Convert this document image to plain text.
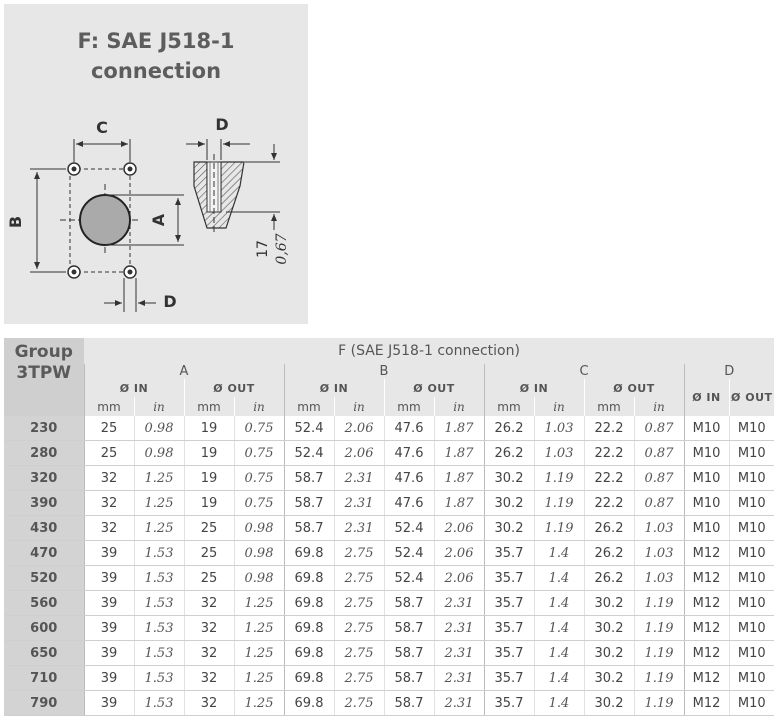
F: SAE J518-1
connection
C
B	A
D
D
17 0,67
Group
3TPW	F (SAE J518-1 connection)													
	A				B				C				D	
	Ø IN		Ø OUT		Ø IN		Ø OUT		Ø IN		Ø OUT		Ø IN	Ø OUT
	mm	in	mm	in	mm	in	mm	in	mm	in	mm	in		
230	25	0.98	19	0.75	52.4	2.06	47.6	1.87	26.2	1.03	22.2	0.87	M10	M10
280	25	0.98	19	0.75	52.4	2.06	47.6	1.87	26.2	1.03	22.2	0.87	M10	M10
320	32	1.25	19	0.75	58.7	2.31	47.6	1.87	30.2	1.19	22.2	0.87	M10	M10
390	32	1.25	19	0.75	58.7	2.31	47.6	1.87	30.2	1.19	22.2	0.87	M10	M10
430	32	1.25	25	0.98	58.7	2.31	52.4	2.06	30.2	1.19	26.2	1.03	M10	M10
470	39	1.53	25	0.98	69.8	2.75	52.4	2.06	35.7	1.4	26.2	1.03	M12	M10
520	39	1.53	25	0.98	69.8	2.75	52.4	2.06	35.7	1.4	26.2	1.03	M12	M10
560	39	1.53	32	1.25	69.8	2.75	58.7	2.31	35.7	1.4	30.2	1.19	M12	M10
600	39	1.53	32	1.25	69.8	2.75	58.7	2.31	35.7	1.4	30.2	1.19	M12	M10
650	39	1.53	32	1.25	69.8	2.75	58.7	2.31	35.7	1.4	30.2	1.19	M12	M10
710	39	1.53	32	1.25	69.8	2.75	58.7	2.31	35.7	1.4	30.2	1.19	M12	M10
790	39	1.53	32	1.25	69.8	2.75	58.7	2.31	35.7	1.4	30.2	1.19	M12	M10
